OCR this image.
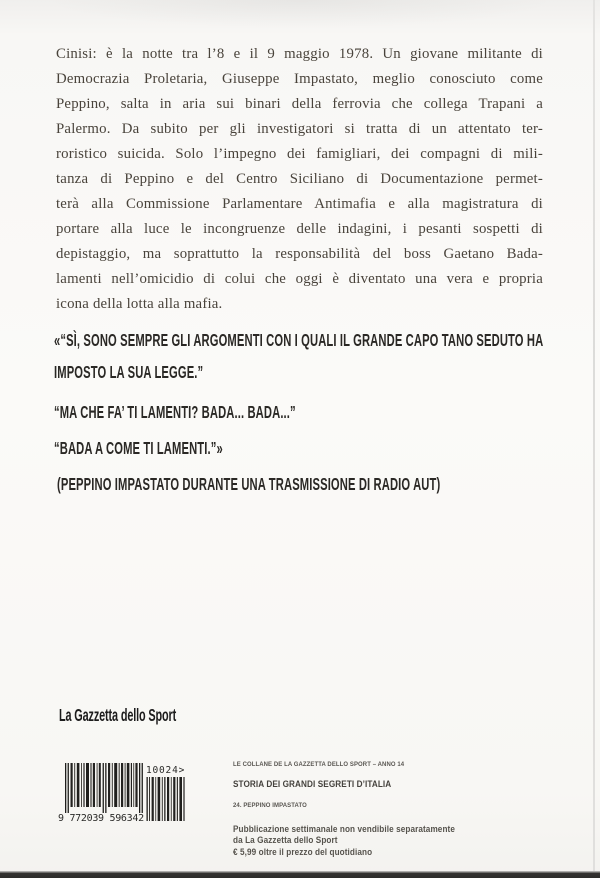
Cinisi: è la notte tra l’8 e il 9 maggio 1978. Un giovane militante di
Democrazia Proletaria, Giuseppe Impastato, meglio conosciuto come
Peppino, salta in aria sui binari della ferrovia che collega Trapani a
Palermo. Da subito per gli investigatori si tratta di un attentato ter-
roristico suicida. Solo l’impegno dei famigliari, dei compagni di mili-
tanza di Peppino e del Centro Siciliano di Documentazione permet-
terà alla Commissione Parlamentare Antimafia e alla magistratura di
portare alla luce le incongruenze delle indagini, i pesanti sospetti di
depistaggio, ma soprattutto la responsabilità del boss Gaetano Bada-
lamenti nell’omicidio di colui che oggi è diventato una vera e propria
icona della lotta alla mafia.
«“SÌ, SONO SEMPRE GLI ARGOMENTI CON I QUALI IL GRANDE CAPO TANO SEDUTO HA
IMPOSTO LA SUA LEGGE.”
“MA CHE FA’ TI LAMENTI? BADA... BADA...”
“BADA A COME TI LAMENTI.”»
(PEPPINO IMPASTATO DURANTE UNA TRASMISSIONE DI RADIO AUT)
La Gazzetta dello Sport
9 772039 596342
10024>
LE COLLANE DE LA GAZZETTA DELLO SPORT – ANNO 14
STORIA DEI GRANDI SEGRETI D’ITALIA
24. PEPPINO IMPASTATO
Pubblicazione settimanale non vendibile separatamente
da La Gazzetta dello Sport
€ 5,99 oltre il prezzo del quotidiano
